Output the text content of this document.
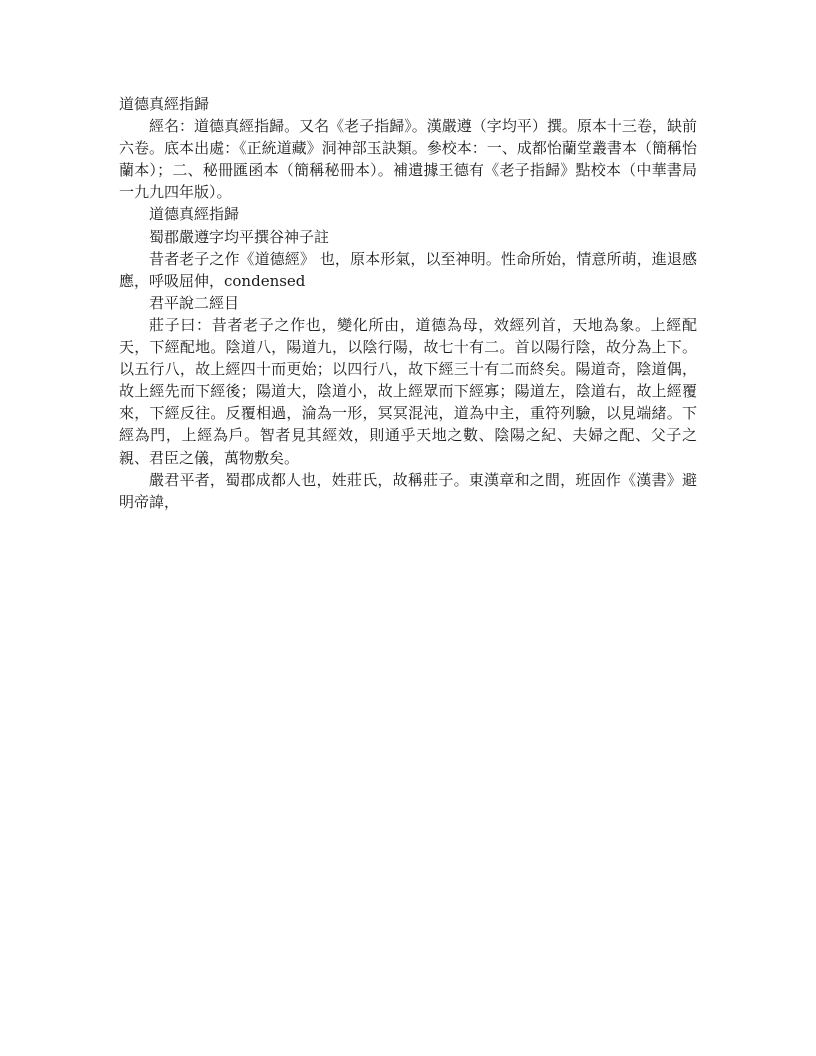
道德真經指歸

經名：道德真經指歸。又名《老子指歸》。漢嚴遵（字均平）撰。原本十三卷，缺前六卷。底本出處：《正統道藏》洞神部玉訣類。參校本：一、成都怡蘭堂叢書本（簡稱怡蘭本）；二、秘冊匯函本（簡稱秘冊本）。補遺據王德有《老子指歸》點校本（中華書局一九九四年版）。

道德真經指歸

蜀郡嚴遵字均平撰谷神子註

昔者老子之作《道德經》 也，原本形氣，以至神明。性命所始，情意所萌，進退感應，呼吸屈伸，condensed

君平說二經目

莊子曰：昔者老子之作也，變化所由，道德為母，效經列首，天地為象。上經配天，下經配地。陰道八，陽道九，以陰行陽，故七十有二。首以陽行陰，故分為上下。以五行八，故上經四十而更始；以四行八，故下經三十有二而終矣。陽道奇，陰道偶，故上經先而下經後；陽道大，陰道小，故上經眾而下經寡；陽道左，陰道右，故上經覆來，下經反往。反覆相過，淪為一形，冥冥混沌，道為中主，重符列驗，以見端緒。下經為門，上經為戶。智者見其經效，則通乎天地之數、陰陽之紀、夫婦之配、父子之親、君臣之儀，萬物敷矣。

嚴君平者，蜀郡成都人也，姓莊氏，故稱莊子。東漢章和之間，班固作《漢書》避明帝諱，
